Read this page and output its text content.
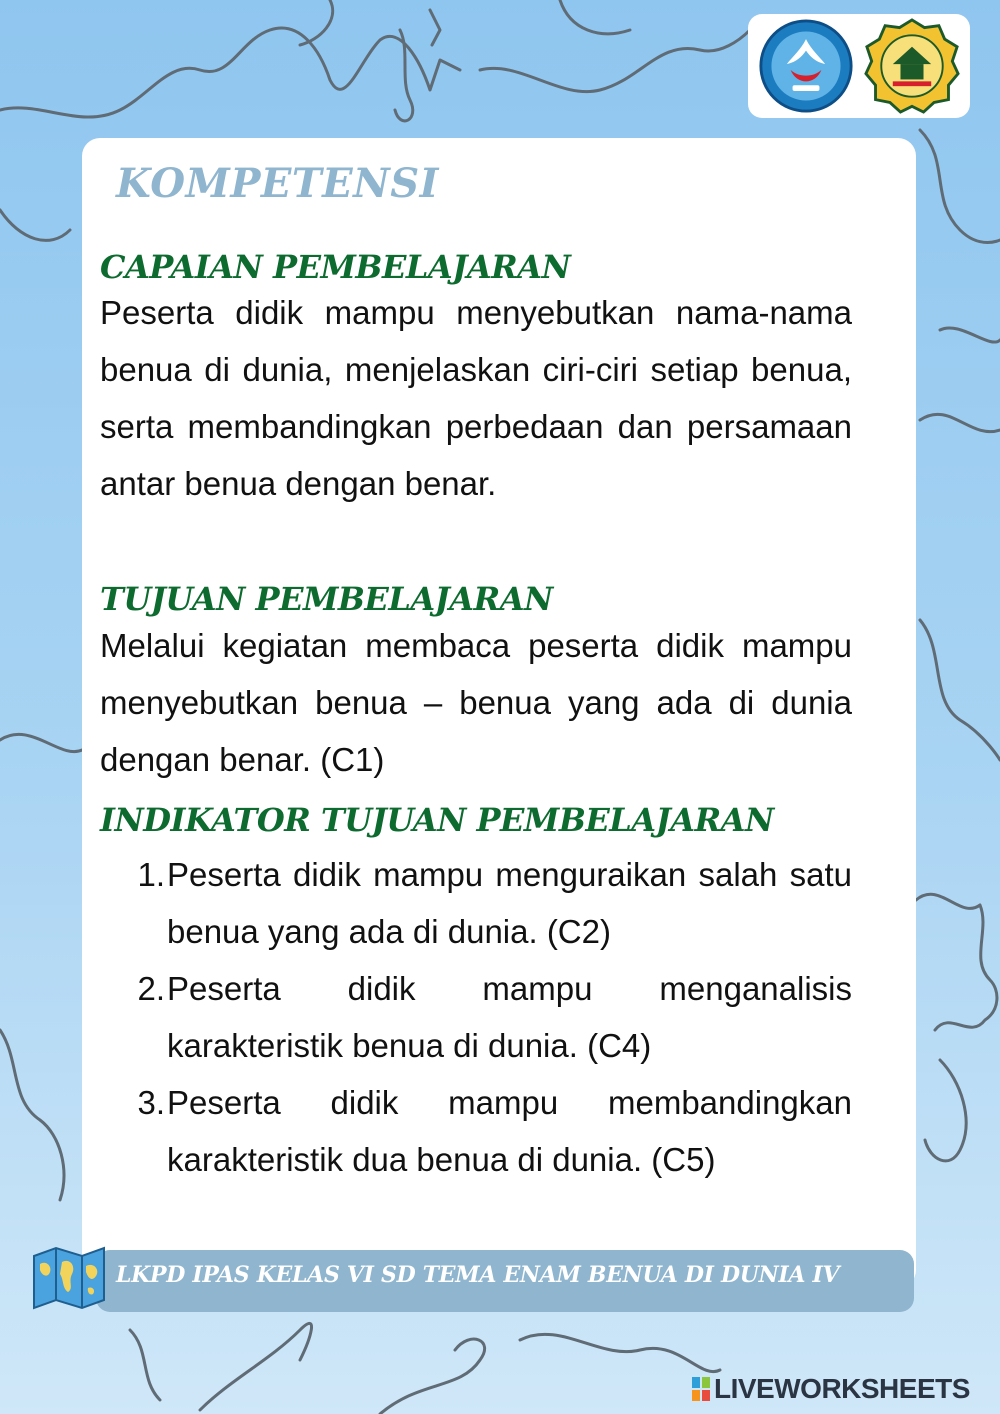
KOMPETENSI
CAPAIAN PEMBELAJARAN

Peserta didik mampu menyebutkan nama-nama benua di dunia, menjelaskan ciri-ciri setiap benua, serta membandingkan perbedaan dan persamaan antar benua dengan benar.

TUJUAN PEMBELAJARAN

Melalui kegiatan membaca peserta didik mampu menyebutkan benua – benua yang ada di dunia dengan benar. (C1)

INDIKATOR TUJUAN PEMBELAJARAN
1. Peserta didik mampu menguraikan salah satu benua yang ada di dunia. (C2)
2. Peserta didik mampu menganalisis karakteristik benua di dunia. (C4)
3. Peserta didik mampu membandingkan karakteristik dua benua di dunia. (C5)

LKPD IPAS KELAS VI SD TEMA ENAM BENUA DI DUNIA IV

LIVEWORKSHEETS
